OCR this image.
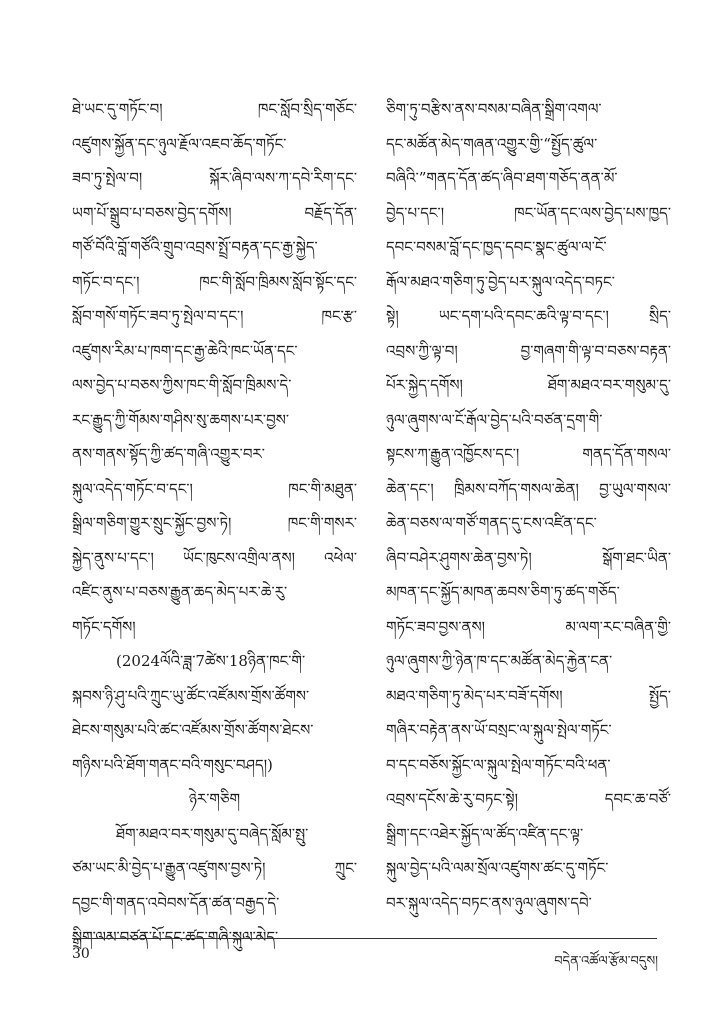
ཐེ་ཡང་དུ་གཏོང་བ། ཁང་སློབ་སྲིད་གཅོང་
འཛུགས་སྐྱོན་དང་ཉུལ་རྗོལ་འཇབ་ཆོད་གཏོང་
ཟབ་ཏུ་སྤེལ་བ། སྐོར་ཞིབ་ལས་ཀ་དབེ་རིག་དང་
ཡག་པོ་སྒྲུབ་པ་བཅས་བྱེད་དགོས། བརྗོད་དོན་
གཙོ་བོའི་བློ་གཙོའི་གྲུབ་འབྲས་སྤྲོ་བརྟན་དང་རྒྱ་སྐྱེད་
གཏོང་བ་དང་། ཁང་གི་སློབ་ཁྲིམས་སློབ་སྟོང་དང་
སློབ་གསོ་གཏོང་ཟབ་ཏུ་སྤེལ་བ་དང་། ཁང་རྩ་
འཛུགས་རིམ་པ་ཁག་དང་རྒྱ་ཆེའི་ཁང་ཡོན་དང་
ལས་བྱེད་པ་བཅས་ཀྱིས་ཁང་གི་སློབ་ཁྲིམས་དེ་
རང་རྒྱུད་ཀྱི་གོམས་གཤིས་སུ་ཆགས་པར་བྱས་
ནས་གནས་སྟོད་ཀྱི་ཚད་གཞི་འགྱུར་བར་
སྐུལ་འདེད་གཏོང་བ་དང་། ཁང་གི་མཐུན་
སྒྲིལ་གཅིག་གྱུར་སྲུང་སྐྱོང་བྱས་ཏེ། ཁང་གི་གསར་
སྐྱེད་ནུས་པ་དང་། ཡོང་ཁུངས་འགྲིལ་ནས། འཕེལ་
འཛིང་ནུས་པ་བཅས་རྒྱུན་ཆད་མེད་པར་ཆེ་རུ་
གཏོང་དགོས།
(2024ལོའི་ཟླ་7ཚེས་18ཉིན་ཁང་གི་
སྐབས་ཉི་ཤུ་པའི་ཀྲུང་ཡུ་ཚོང་འཛོམས་གྲོས་ཚོགས་
ཐེངས་གསུམ་པའི་ཚང་འཛོམས་གྲོས་ཚོགས་ཐེངས་
གཉིས་པའི་ཐོག་གནང་བའི་གསུང་བཤད།)
ཉེར་གཅིག
ཐོག་མཐའ་བར་གསུམ་དུ་བཞེད་སློམ་སྤུ་
ཙམ་ཡང་མི་བྱེད་པ་རྒྱུན་འཛུགས་བྱས་ཏེ། ཀྲུང་
དབྱང་གི་གནད་འབེབས་དོན་ཚན་བརྒྱད་དེ་
སྒྲིག་ལམ་བཙན་པོ་དང་ཚད་གཞི་སྐུལ་མེད་
ཅིག་ཏུ་བརྩིས་ནས་བསམ་བཞིན་སྒྲིག་འགལ་
དང་མཚོན་མེད་གཞན་འགྱུར་གྱི་“སྤྱོད་ཚུལ་
བཞིའི་”གནད་དོན་ཚད་ཞིབ་ཐག་གཅོད་ནན་མོ་
བྱེད་པ་དང་། ཁང་ཡོན་དང་ལས་བྱེད་པས་ཁྱད་
དབང་བསམ་བློ་དང་ཁྱད་དབང་སྣང་ཚུལ་ལ་ངོ་
རྒོལ་མཐའ་གཅིག་ཏུ་བྱེད་པར་སྐུལ་འདེད་བཏང་
སྟེ། ཡང་དག་པའི་དབང་ཆའི་ལྟ་བ་དང་། སྲིད་
འབྲས་ཀྱི་ལྟ་བ། བྱ་གཞག་གི་ལྟ་བ་བཅས་བརྟན་
པོར་སྐྱེད་དགོས། ཐོག་མཐའ་བར་གསུམ་དུ་
ཉུལ་ཞུགས་ལ་ངོ་རྒོལ་བྱེད་པའི་བཙན་དྲག་གི་
སྟངས་ཀ་རྒྱུན་འཁྱོངས་དང་། གནད་དོན་གསལ་
ཆེན་དང་། ཁྲིམས་བཀོད་གསལ་ཆེན། བྱ་ཡུལ་གསལ་
ཆེན་བཅས་ལ་གཙོ་གནད་དུ་ངས་འཛིན་དང་
ཞིབ་བཤེར་ཤུགས་ཆེན་བྱས་ཏེ། སྒོག་ཐང་ཡིན་
མཁན་དང་སྐྱོད་མཁན་ཆབས་ཅིག་ཏུ་ཚད་གཅོད་
གཏོང་ཟབ་བྱས་ནས། མ་ལག་རང་བཞིན་གྱི་
ཉུལ་ཞུགས་ཀྱི་ཉེན་ཁ་དང་མཚོན་མེད་རྐྱེན་ངན་
མཐའ་གཅིག་ཏུ་མེད་པར་བཟོ་དགོས། སྤྱོད་
གཞིར་བརྟེན་ནས་ཡོ་བསྲང་ལ་སྐུལ་སྤེལ་གཏོང་
བ་དང་བཅོས་སྐྱོང་ལ་སྐུལ་སྤེལ་གཏོང་བའི་ཕན་
འབྲས་དངོས་ཆེ་རུ་བཏང་སྟེ། དབང་ཆ་བཙོ་
སྒྲིག་དང་འཐེར་སྐྱོད་ལ་ཚོད་འཛིན་དང་ལྟ་
སྐུལ་བྱེད་པའི་ལམ་སྲོལ་འཛུགས་ཚང་དུ་གཏོང་
བར་སྐུལ་འདེད་བཏང་ནས་ཉུལ་ཞུགས་དབེ་
30	བདེན་འཚོལ་རྩོམ་བདུས།
